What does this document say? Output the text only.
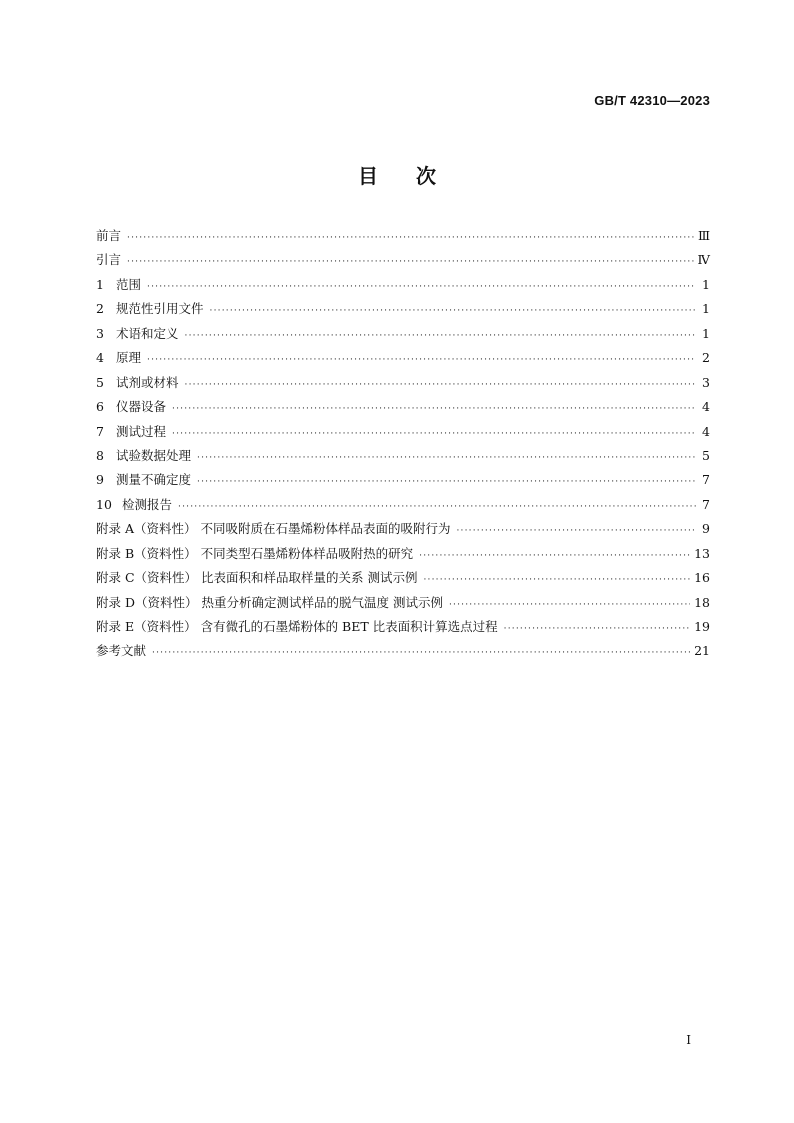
GB/T 42310—2023
目 次
前言 ·····	Ⅲ
引言 ·····	Ⅳ
1 范围 ·····	1
2 规范性引用文件 ·····	1
3 术语和定义 ·····	1
4 原理 ·····	2
5 试剂或材料 ·····	3
6 仪器设备 ·····	4
7 测试过程 ·····	4
8 试验数据处理 ·····	5
9 测量不确定度 ·····	7
10 检测报告 ·····	7
附录 A（资料性） 不同吸附质在石墨烯粉体样品表面的吸附行为 ·····	9
附录 B（资料性） 不同类型石墨烯粉体样品吸附热的研究 ·····	13
附录 C（资料性） 比表面积和样品取样量的关系 测试示例 ·····	16
附录 D（资料性） 热重分析确定测试样品的脱气温度 测试示例 ·····	18
附录 E（资料性） 含有微孔的石墨烯粉体的 BET 比表面积计算选点过程 ·····	19
参考文献 ·····	21
I
